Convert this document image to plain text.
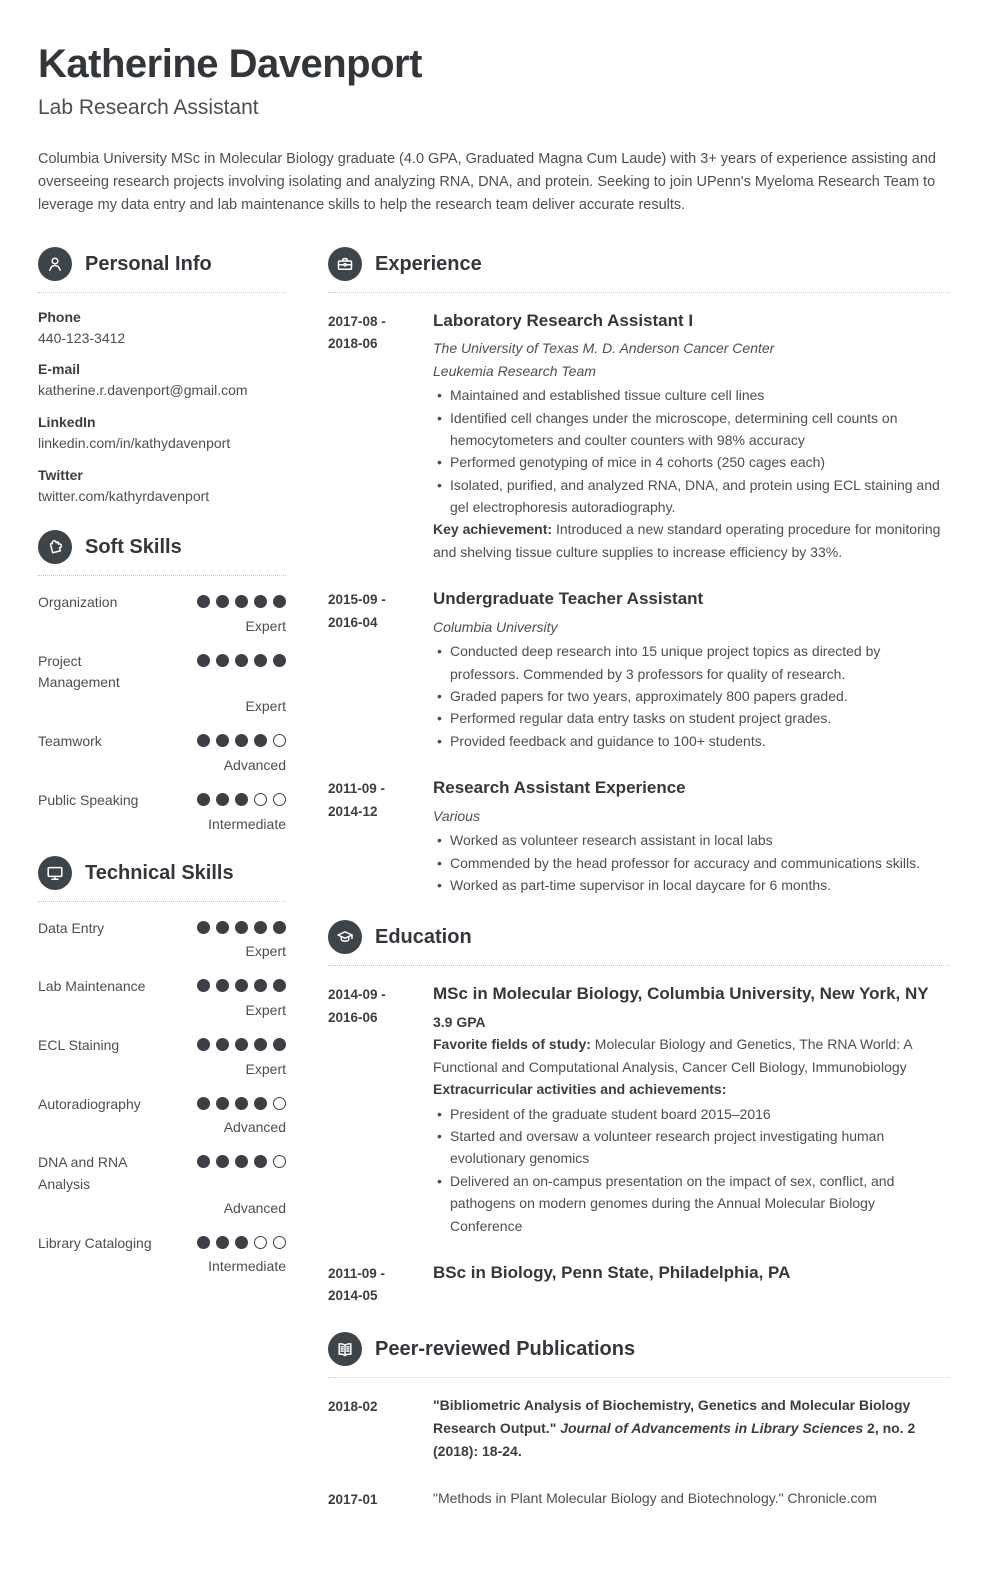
Katherine Davenport
Lab Research Assistant

Columbia University MSc in Molecular Biology graduate (4.0 GPA, Graduated Magna Cum Laude) with 3+ years of experience assisting and overseeing research projects involving isolating and analyzing RNA, DNA, and protein. Seeking to join UPenn's Myeloma Research Team to leverage my data entry and lab maintenance skills to help the research team deliver accurate results.

Personal Info
Phone
440-123-3412
E-mail
katherine.r.davenport@gmail.com
LinkedIn
linkedin.com/in/kathydavenport
Twitter
twitter.com/kathyrdavenport
Soft Skills
Organization
Expert
Project Management
Expert
Teamwork
Advanced
Public Speaking
Intermediate
Technical Skills
Data Entry
Expert
Lab Maintenance
Expert
ECL Staining
Expert
Autoradiography
Advanced
DNA and RNA Analysis
Advanced
Library Cataloging
Intermediate
Experience
2017-08 -
2018-06
Laboratory Research Assistant I
The University of Texas M. D. Anderson Cancer Center
Leukemia Research Team
• Maintained and established tissue culture cell lines
• Identified cell changes under the microscope, determining cell counts on hemocytometers and coulter counters with 98% accuracy
• Performed genotyping of mice in 4 cohorts (250 cages each)
• Isolated, purified, and analyzed RNA, DNA, and protein using ECL staining and gel electrophoresis autoradiography.
Key achievement: Introduced a new standard operating procedure for monitoring and shelving tissue culture supplies to increase efficiency by 33%.
2015-09 -
2016-04
Undergraduate Teacher Assistant
Columbia University
• Conducted deep research into 15 unique project topics as directed by professors. Commended by 3 professors for quality of research.
• Graded papers for two years, approximately 800 papers graded.
• Performed regular data entry tasks on student project grades.
• Provided feedback and guidance to 100+ students.
2011-09 -
2014-12
Research Assistant Experience
Various
• Worked as volunteer research assistant in local labs
• Commended by the head professor for accuracy and communications skills.
• Worked as part-time supervisor in local daycare for 6 months.
Education
2014-09 -
2016-06
MSc in Molecular Biology, Columbia University, New York, NY
3.9 GPA
Favorite fields of study: Molecular Biology and Genetics, The RNA World: A Functional and Computational Analysis, Cancer Cell Biology, Immunobiology
Extracurricular activities and achievements:
• President of the graduate student board 2015–2016
• Started and oversaw a volunteer research project investigating human evolutionary genomics
• Delivered an on-campus presentation on the impact of sex, conflict, and pathogens on modern genomes during the Annual Molecular Biology Conference
2011-09 -
2014-05
BSc in Biology, Penn State, Philadelphia, PA
Peer-reviewed Publications
2018-02	"Bibliometric Analysis of Biochemistry, Genetics and Molecular Biology Research Output." Journal of Advancements in Library Sciences 2, no. 2 (2018): 18-24.
2017-01	"Methods in Plant Molecular Biology and Biotechnology." Chronicle.com
